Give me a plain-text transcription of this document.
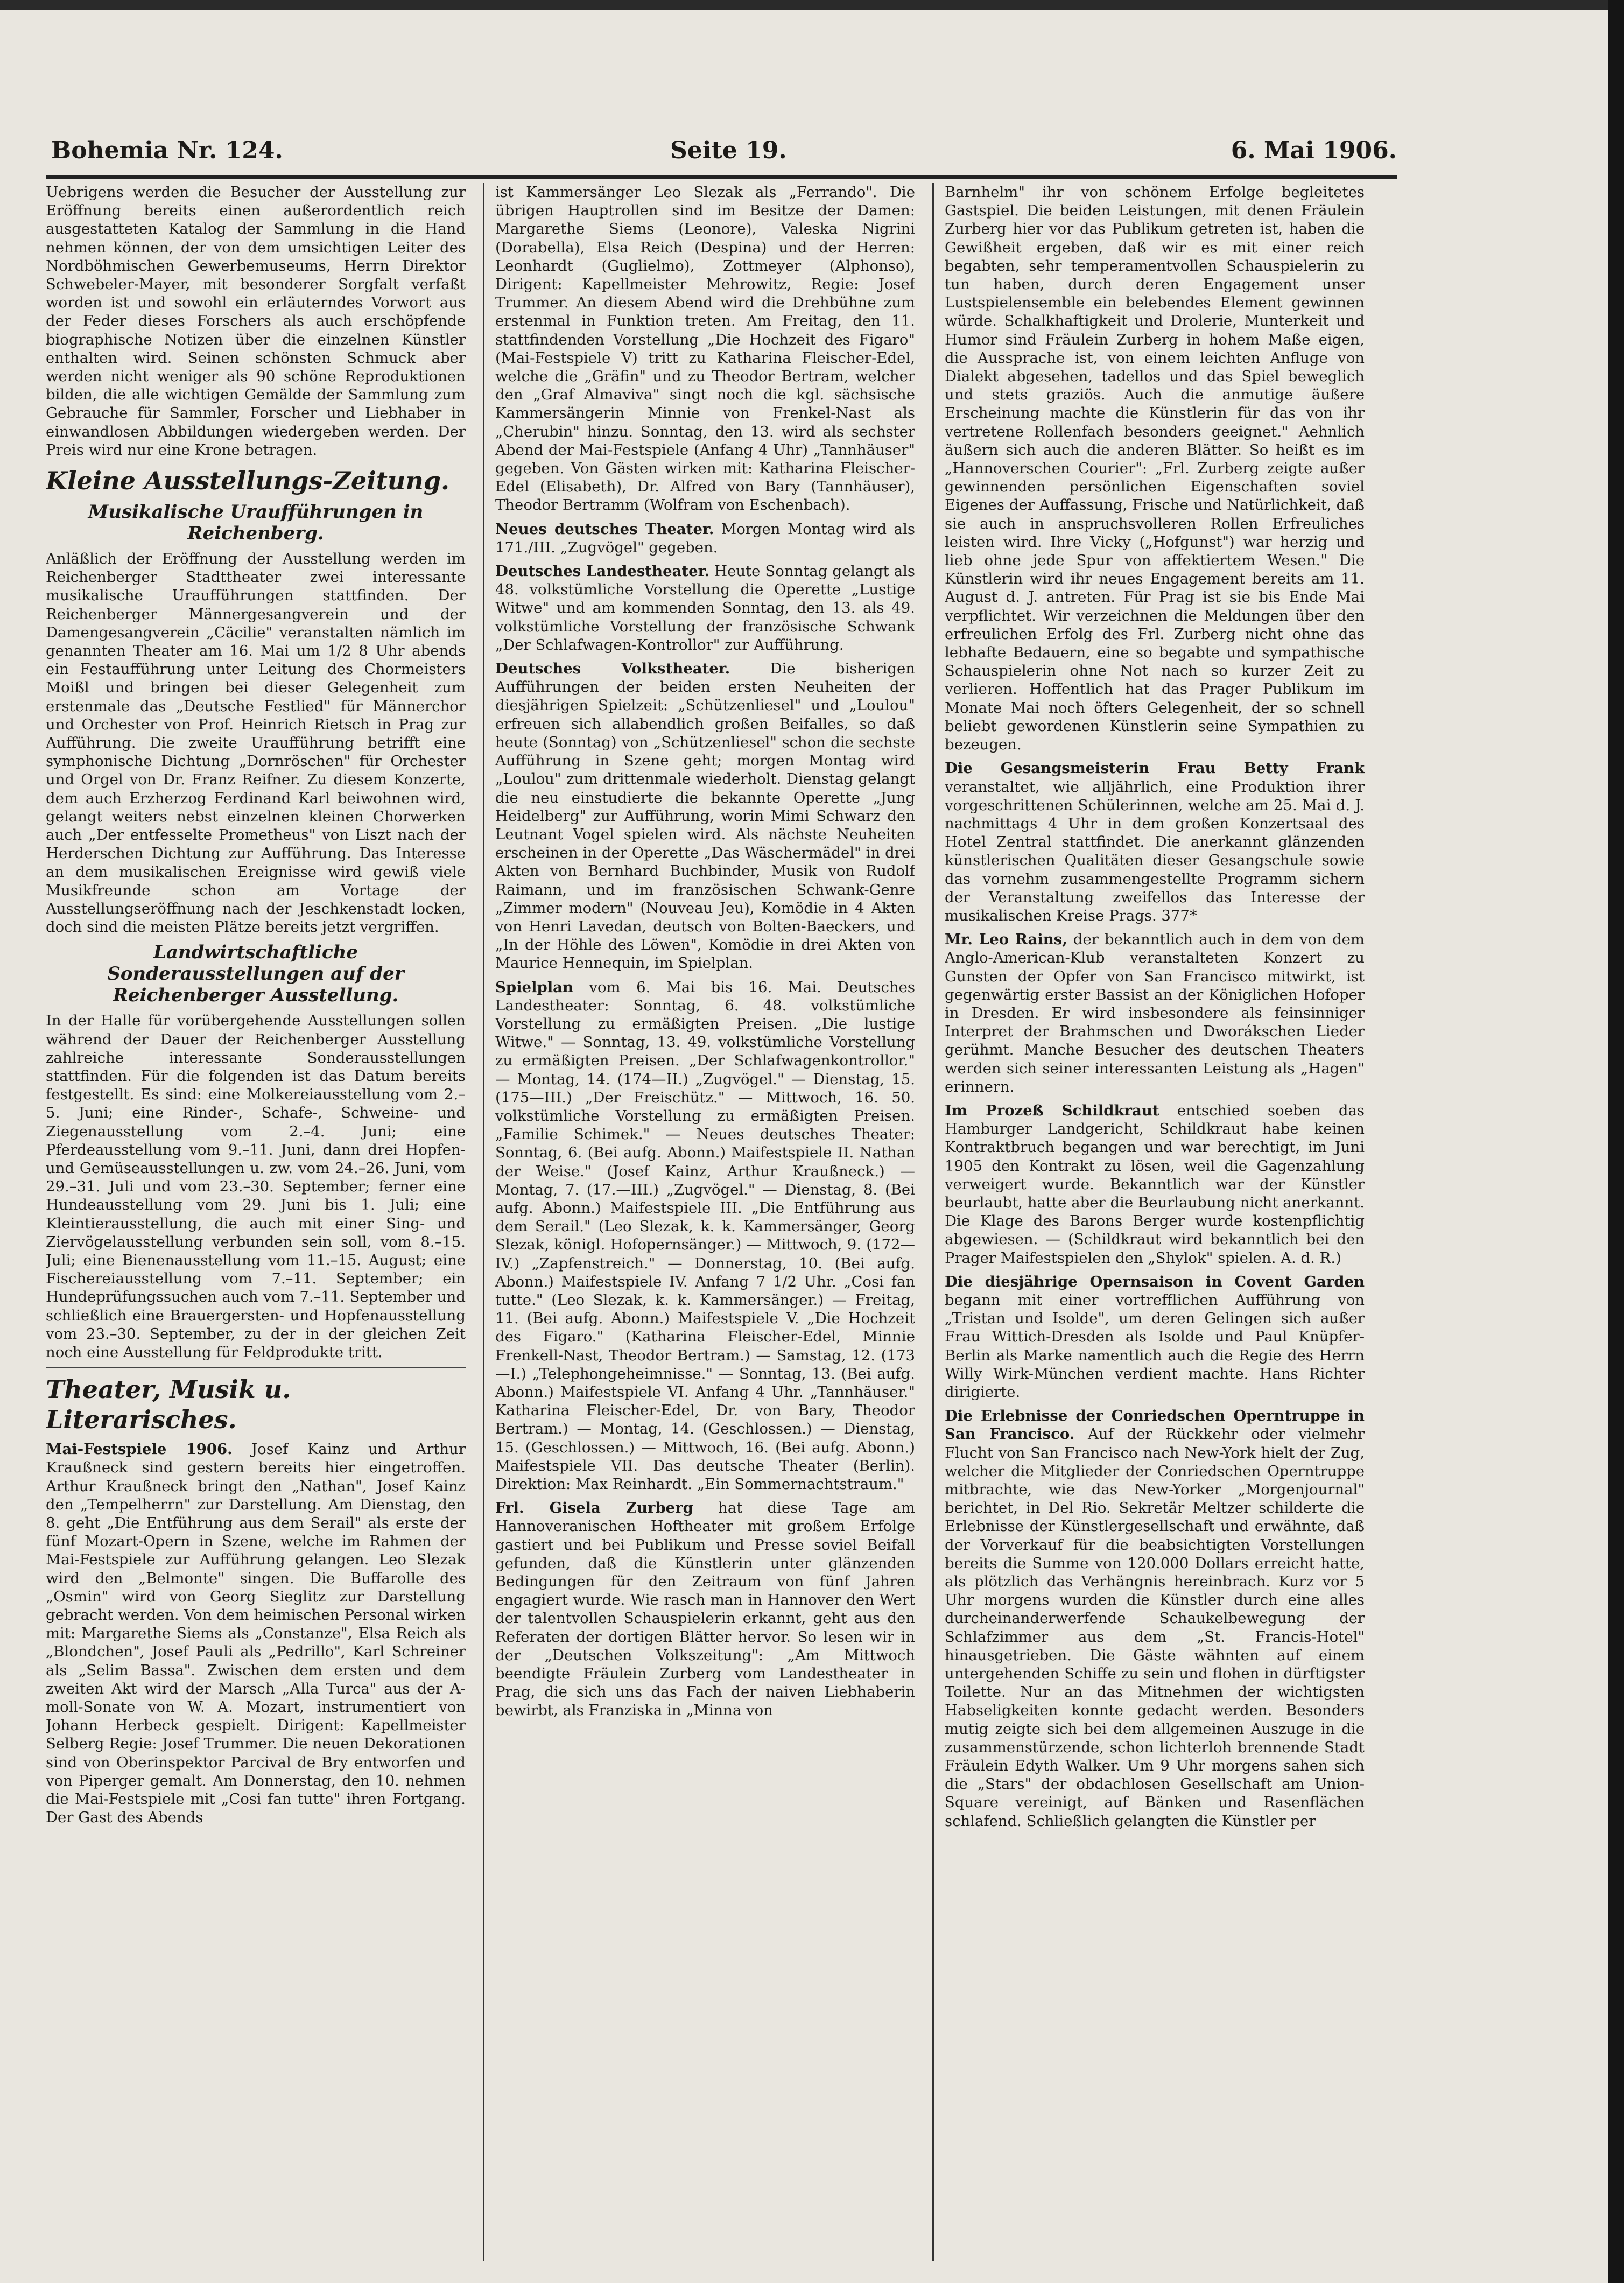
Bohemia Nr. 124.	Seite 19.	6. Mai 1906.

Uebrigens werden die Besucher der Ausstellung zur Eröffnung bereits einen außerordentlich reich ausgestatteten Katalog der Sammlung in die Hand nehmen können, der von dem umsichtigen Leiter des Nordböhmischen Gewerbemuseums, Herrn Direktor Schwebeler-Mayer, mit besonderer Sorgfalt verfaßt worden ist und sowohl ein erläuterndes Vorwort aus der Feder dieses Forschers als auch erschöpfende biographische Notizen über die einzelnen Künstler enthalten wird. Seinen schönsten Schmuck aber werden nicht weniger als 90 schöne Reproduktionen bilden, die alle wichtigen Gemälde der Sammlung zum Gebrauche für Sammler, Forscher und Liebhaber in einwandlosen Abbildungen wiedergeben werden. Der Preis wird nur eine Krone betragen.

Kleine Ausstellungs-Zeitung.
Musikalische Uraufführungen in Reichenberg.

Anläßlich der Eröffnung der Ausstellung werden im Reichenberger Stadttheater zwei interessante musikalische Uraufführungen stattfinden. Der Reichenberger Männergesangverein und der Damengesangverein „Cäcilie" veranstalten nämlich im genannten Theater am 16. Mai um 1/2 8 Uhr abends ein Festaufführung unter Leitung des Chormeisters Moißl und bringen bei dieser Gelegenheit zum erstenmale das „Deutsche Festlied" für Männerchor und Orchester von Prof. Heinrich Rietsch in Prag zur Aufführung. Die zweite Uraufführung betrifft eine symphonische Dichtung „Dornröschen" für Orchester und Orgel von Dr. Franz Reifner. Zu diesem Konzerte, dem auch Erzherzog Ferdinand Karl beiwohnen wird, gelangt weiters nebst einzelnen kleinen Chorwerken auch „Der entfesselte Prometheus" von Liszt nach der Herderschen Dichtung zur Aufführung. Das Interesse an dem musikalischen Ereignisse wird gewiß viele Musikfreunde schon am Vortage der Ausstellungseröffnung nach der Jeschkenstadt locken, doch sind die meisten Plätze bereits jetzt vergriffen.

Landwirtschaftliche Sonderausstellungen auf der Reichenberger Ausstellung.

In der Halle für vorübergehende Ausstellungen sollen während der Dauer der Reichenberger Ausstellung zahlreiche interessante Sonderausstellungen stattfinden. Für die folgenden ist das Datum bereits festgestellt. Es sind: eine Molkereiausstellung vom 2.–5. Juni; eine Rinder-, Schafe-, Schweine- und Ziegenausstellung vom 2.–4. Juni; eine Pferdeausstellung vom 9.–11. Juni, dann drei Hopfen- und Gemüseausstellungen u. zw. vom 24.–26. Juni, vom 29.–31. Juli und vom 23.–30. September; ferner eine Hundeausstellung vom 29. Juni bis 1. Juli; eine Kleintierausstellung, die auch mit einer Sing- und Ziervögelausstellung verbunden sein soll, vom 8.–15. Juli; eine Bienenausstellung vom 11.–15. August; eine Fischereiausstellung vom 7.–11. September; ein Hundeprüfungssuchen auch vom 7.–11. September und schließlich eine Brauergersten- und Hopfenausstellung vom 23.–30. September, zu der in der gleichen Zeit noch eine Ausstellung für Feldprodukte tritt.

Theater, Musik u. Literarisches.

Mai-Festspiele 1906. Josef Kainz und Arthur Kraußneck sind gestern bereits hier eingetroffen. Arthur Kraußneck bringt den „Nathan", Josef Kainz den „Tempelherrn" zur Darstellung. Am Dienstag, den 8. geht „Die Entführung aus dem Serail" als erste der fünf Mozart-Opern in Szene, welche im Rahmen der Mai-Festspiele zur Aufführung gelangen. Leo Slezak wird den „Belmonte" singen. Die Buffarolle des „Osmin" wird von Georg Sieglitz zur Darstellung gebracht werden. Von dem heimischen Personal wirken mit: Margarethe Siems als „Constanze", Elsa Reich als „Blondchen", Josef Pauli als „Pedrillo", Karl Schreiner als „Selim Bassa". Zwischen dem ersten und dem zweiten Akt wird der Marsch „Alla Turca" aus der A-moll-Sonate von W. A. Mozart, instrumentiert von Johann Herbeck gespielt. Dirigent: Kapellmeister Selberg Regie: Josef Trummer. Die neuen Dekorationen sind von Oberinspektor Parcival de Bry entworfen und von Piperger gemalt. Am Donnerstag, den 10. nehmen die Mai-Festspiele mit „Cosi fan tutte" ihren Fortgang. Der Gast des Abends

ist Kammersänger Leo Slezak als „Ferrando". Die übrigen Hauptrollen sind im Besitze der Damen: Margarethe Siems (Leonore), Valeska Nigrini (Dorabella), Elsa Reich (Despina) und der Herren: Leonhardt (Guglielmo), Zottmeyer (Alphonso), Dirigent: Kapellmeister Mehrowitz, Regie: Josef Trummer. An diesem Abend wird die Drehbühne zum erstenmal in Funktion treten. Am Freitag, den 11. stattfindenden Vorstellung „Die Hochzeit des Figaro" (Mai-Festspiele V) tritt zu Katharina Fleischer-Edel, welche die „Gräfin" und zu Theodor Bertram, welcher den „Graf Almaviva" singt noch die kgl. sächsische Kammersängerin Minnie von Frenkel-Nast als „Cherubin" hinzu. Sonntag, den 13. wird als sechster Abend der Mai-Festspiele (Anfang 4 Uhr) „Tannhäuser" gegeben. Von Gästen wirken mit: Katharina Fleischer-Edel (Elisabeth), Dr. Alfred von Bary (Tannhäuser), Theodor Bertramm (Wolfram von Eschenbach).

Neues deutsches Theater. Morgen Montag wird als 171./III. „Zugvögel" gegeben.

Deutsches Landestheater. Heute Sonntag gelangt als 48. volkstümliche Vorstellung die Operette „Lustige Witwe" und am kommenden Sonntag, den 13. als 49. volkstümliche Vorstellung der französische Schwank „Der Schlafwagen-Kontrollor" zur Aufführung.

Deutsches Volkstheater.	Die bisherigen Aufführungen der beiden ersten Neuheiten der diesjährigen Spielzeit: „Schützenliesel" und „Loulou" erfreuen sich allabendlich großen Beifalles, so daß heute (Sonntag) von „Schützenliesel" schon die sechste Aufführung in Szene geht; morgen Montag wird „Loulou" zum drittenmale wiederholt. Dienstag gelangt die neu einstudierte die bekannte Operette „Jung Heidelberg" zur Aufführung, worin Mimi Schwarz den Leutnant Vogel spielen wird. Als nächste Neuheiten erscheinen in der Operette „Das Wäschermädel" in drei Akten von Bernhard Buchbinder, Musik von Rudolf Raimann, und im französischen Schwank-Genre „Zimmer modern" (Nouveau Jeu), Komödie in 4 Akten von Henri Lavedan, deutsch von Bolten-Baeckers, und „In der Höhle des Löwen", Komödie in drei Akten von Maurice Hennequin, im Spielplan.

Spielplan vom 6. Mai bis 16. Mai. Deutsches Landestheater: Sonntag, 6. 48. volkstümliche Vorstellung zu ermäßigten Preisen. „Die lustige Witwe." — Sonntag, 13. 49. volkstümliche Vorstellung zu ermäßigten Preisen. „Der Schlafwagenkontrollor." — Montag, 14. (174—II.) „Zugvögel." — Dienstag, 15. (175—III.) „Der Freischütz." — Mittwoch, 16. 50. volkstümliche Vorstellung zu ermäßigten Preisen. „Familie Schimek." — Neues deutsches Theater: Sonntag, 6. (Bei aufg. Abonn.) Maifestspiele II. Nathan der Weise." (Josef Kainz, Arthur Kraußneck.) — Montag, 7. (17.—III.) „Zugvögel." — Dienstag, 8. (Bei aufg. Abonn.) Maifestspiele III. „Die Entführung aus dem Serail." (Leo Slezak, k. k. Kammersänger, Georg Slezak, königl. Hofopernsänger.) — Mittwoch, 9. (172—IV.) „Zapfenstreich." — Donnerstag, 10. (Bei aufg. Abonn.) Maifestspiele IV. Anfang 7 1/2 Uhr. „Cosi fan tutte." (Leo Slezak, k. k. Kammersänger.) — Freitag, 11. (Bei aufg. Abonn.) Maifestspiele V. „Die Hochzeit des Figaro." (Katharina Fleischer-Edel, Minnie Frenkell-Nast, Theodor Bertram.) — Samstag, 12. (173—I.) „Telephongeheimnisse." — Sonntag, 13. (Bei aufg. Abonn.) Maifestspiele VI. Anfang 4 Uhr. „Tannhäuser." Katharina Fleischer-Edel, Dr. von Bary, Theodor Bertram.) — Montag, 14. (Geschlossen.) — Dienstag, 15. (Geschlossen.) — Mittwoch, 16. (Bei aufg. Abonn.) Maifestspiele VII. Das deutsche Theater (Berlin). Direktion: Max Reinhardt. „Ein Sommernachtstraum."

Frl. Gisela Zurberg hat diese Tage am Hannoveranischen Hoftheater mit großem Erfolge gastiert und bei Publikum und Presse soviel Beifall gefunden, daß die Künstlerin unter glänzenden Bedingungen für den Zeitraum von fünf Jahren engagiert wurde. Wie rasch man in Hannover den Wert der talentvollen Schauspielerin erkannt, geht aus den Referaten der dortigen Blätter hervor. So lesen wir in der „Deutschen Volkszeitung": „Am Mittwoch beendigte Fräulein Zurberg vom Landestheater in Prag, die sich uns das Fach der naiven Liebhaberin bewirbt, als Franziska in „Minna von

Barnhelm" ihr von schönem Erfolge begleitetes Gastspiel. Die beiden Leistungen, mit denen Fräulein Zurberg hier vor das Publikum getreten ist, haben die Gewißheit ergeben, daß wir es mit einer reich begabten, sehr temperamentvollen Schauspielerin zu tun haben, durch deren Engagement unser Lustspielensemble ein belebendes Element gewinnen würde. Schalkhaftigkeit und Drolerie, Munterkeit und Humor sind Fräulein Zurberg in hohem Maße eigen, die Aussprache ist, von einem leichten Anfluge von Dialekt abgesehen, tadellos und das Spiel beweglich und stets graziös. Auch die anmutige äußere Erscheinung machte die Künstlerin für das von ihr vertretene Rollenfach besonders geeignet." Aehnlich äußern sich auch die anderen Blätter. So heißt es im „Hannoverschen Courier": „Frl. Zurberg zeigte außer gewinnenden persönlichen Eigenschaften soviel Eigenes der Auffassung, Frische und Natürlichkeit, daß sie auch in anspruchsvolleren Rollen Erfreuliches leisten wird. Ihre Vicky („Hofgunst") war herzig und lieb ohne jede Spur von affektiertem Wesen." Die Künstlerin wird ihr neues Engagement bereits am 11. August d. J. antreten. Für Prag ist sie bis Ende Mai verpflichtet. Wir verzeichnen die Meldungen über den erfreulichen Erfolg des Frl. Zurberg nicht ohne das lebhafte Bedauern, eine so begabte und sympathische Schauspielerin ohne Not nach so kurzer Zeit zu verlieren. Hoffentlich hat das Prager Publikum im Monate Mai noch öfters Gelegenheit, der so schnell beliebt gewordenen Künstlerin seine Sympathien zu bezeugen.

Die Gesangsmeisterin Frau Betty Frank veranstaltet, wie alljährlich, eine Produktion ihrer vorgeschrittenen Schülerinnen, welche am 25. Mai d. J. nachmittags 4 Uhr in dem großen Konzertsaal des Hotel Zentral stattfindet. Die anerkannt glänzenden künstlerischen Qualitäten dieser Gesangschule sowie das vornehm zusammengestellte Programm sichern der Veranstaltung zweifellos das Interesse der musikalischen Kreise Prags. 377*

Mr. Leo Rains, der bekanntlich auch in dem von dem Anglo-American-Klub veranstalteten Konzert zu Gunsten der Opfer von San Francisco mitwirkt, ist gegenwärtig erster Bassist an der Königlichen Hofoper in Dresden. Er wird insbesondere als feinsinniger Interpret der Brahmschen und Dworákschen Lieder gerühmt. Manche Besucher des deutschen Theaters werden sich seiner interessanten Leistung als „Hagen" erinnern.

Im Prozeß Schildkraut entschied soeben das Hamburger Landgericht, Schildkraut habe keinen Kontraktbruch begangen und war berechtigt, im Juni 1905 den Kontrakt zu lösen, weil die Gagenzahlung verweigert wurde. Bekanntlich war der Künstler beurlaubt, hatte aber die Beurlaubung nicht anerkannt. Die Klage des Barons Berger wurde kostenpflichtig abgewiesen. — (Schildkraut wird bekanntlich bei den Prager Maifestspielen den „Shylok" spielen. A. d. R.)

Die diesjährige Opernsaison in Covent Garden begann mit einer vortrefflichen Aufführung von „Tristan und Isolde", um deren Gelingen sich außer Frau Wittich-Dresden als Isolde und Paul Knüpfer-Berlin als Marke namentlich auch die Regie des Herrn Willy Wirk-München verdient machte. Hans Richter dirigierte.

Die Erlebnisse der Conriedschen Operntruppe in San Francisco. Auf der Rückkehr oder vielmehr Flucht von San Francisco nach New-York hielt der Zug, welcher die Mitglieder der Conriedschen Operntruppe mitbrachte, wie das New-Yorker „Morgenjournal" berichtet, in Del Rio. Sekretär Meltzer schilderte die Erlebnisse der Künstlergesellschaft und erwähnte, daß der Vorverkauf für die beabsichtigten Vorstellungen bereits die Summe von 120.000 Dollars erreicht hatte, als plötzlich das Verhängnis hereinbrach. Kurz vor 5 Uhr morgens wurden die Künstler durch eine alles durcheinanderwerfende Schaukelbewegung der Schlafzimmer aus dem „St. Francis-Hotel" hinausgetrieben. Die Gäste wähnten auf einem untergehenden Schiffe zu sein und flohen in dürftigster Toilette. Nur an das Mitnehmen der wichtigsten Habseligkeiten konnte gedacht werden. Besonders mutig zeigte sich bei dem allgemeinen Auszuge in die zusammenstürzende, schon lichterloh brennende Stadt Fräulein Edyth Walker. Um 9 Uhr morgens sahen sich die „Stars" der obdachlosen Gesellschaft am Union-Square vereinigt, auf Bänken und Rasenflächen schlafend. Schließlich gelangten die Künstler per
